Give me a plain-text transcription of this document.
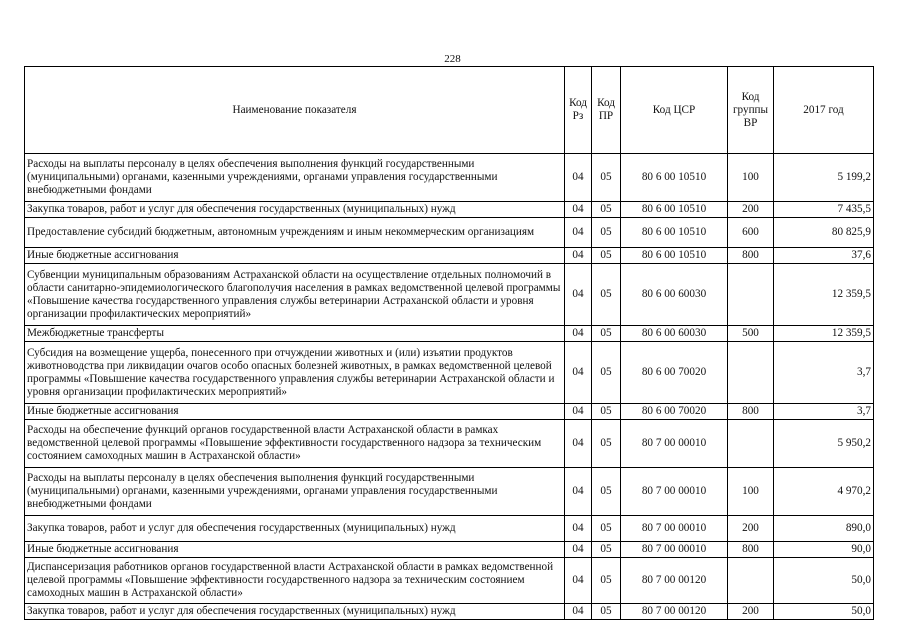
228
Наименование показателя	Код Рз	Код ПР	Код ЦСР	Код группы ВР	2017 год
Расходы на выплаты персоналу в целях обеспечения выполнения функций государственными (муниципальными) органами, казенными учреждениями, органами управления государственными внебюджетными фондами	04	05	80 6 00 10510	100	5 199,2
Закупка товаров, работ и услуг для обеспечения государственных (муниципальных) нужд	04	05	80 6 00 10510	200	7 435,5
Предоставление субсидий бюджетным, автономным учреждениям и иным некоммерческим организациям	04	05	80 6 00 10510	600	80 825,9
Иные бюджетные ассигнования	04	05	80 6 00 10510	800	37,6
Субвенции муниципальным образованиям Астраханской области на осуществление отдельных полномочий в области санитарно-эпидемиологического благополучия населения в рамках ведомственной целевой программы «Повышение качества государственного управления службы ветеринарии Астраханской области и уровня организации профилактических мероприятий»	04	05	80 6 00 60030		12 359,5
Межбюджетные трансферты	04	05	80 6 00 60030	500	12 359,5
Субсидия на возмещение ущерба, понесенного при отчуждении животных и (или) изъятии продуктов животноводства при ликвидации очагов особо опасных болезней животных, в рамках ведомственной целевой программы «Повышение качества государственного управления службы ветеринарии Астраханской области и уровня организации профилактических мероприятий»	04	05	80 6 00 70020		3,7
Иные бюджетные ассигнования	04	05	80 6 00 70020	800	3,7
Расходы на обеспечение функций органов государственной власти Астраханской области в рамках ведомственной целевой программы «Повышение эффективности государственного надзора за техническим состоянием самоходных машин в Астраханской области»	04	05	80 7 00 00010		5 950,2
Расходы на выплаты персоналу в целях обеспечения выполнения функций государственными (муниципальными) органами, казенными учреждениями, органами управления государственными внебюджетными фондами	04	05	80 7 00 00010	100	4 970,2
Закупка товаров, работ и услуг для обеспечения государственных (муниципальных) нужд	04	05	80 7 00 00010	200	890,0
Иные бюджетные ассигнования	04	05	80 7 00 00010	800	90,0
Диспансеризация работников органов государственной власти Астраханской области в рамках ведомственной целевой программы «Повышение эффективности государственного надзора за техническим состоянием самоходных машин в Астраханской области»	04	05	80 7 00 00120		50,0
Закупка товаров, работ и услуг для обеспечения государственных (муниципальных) нужд	04	05	80 7 00 00120	200	50,0
